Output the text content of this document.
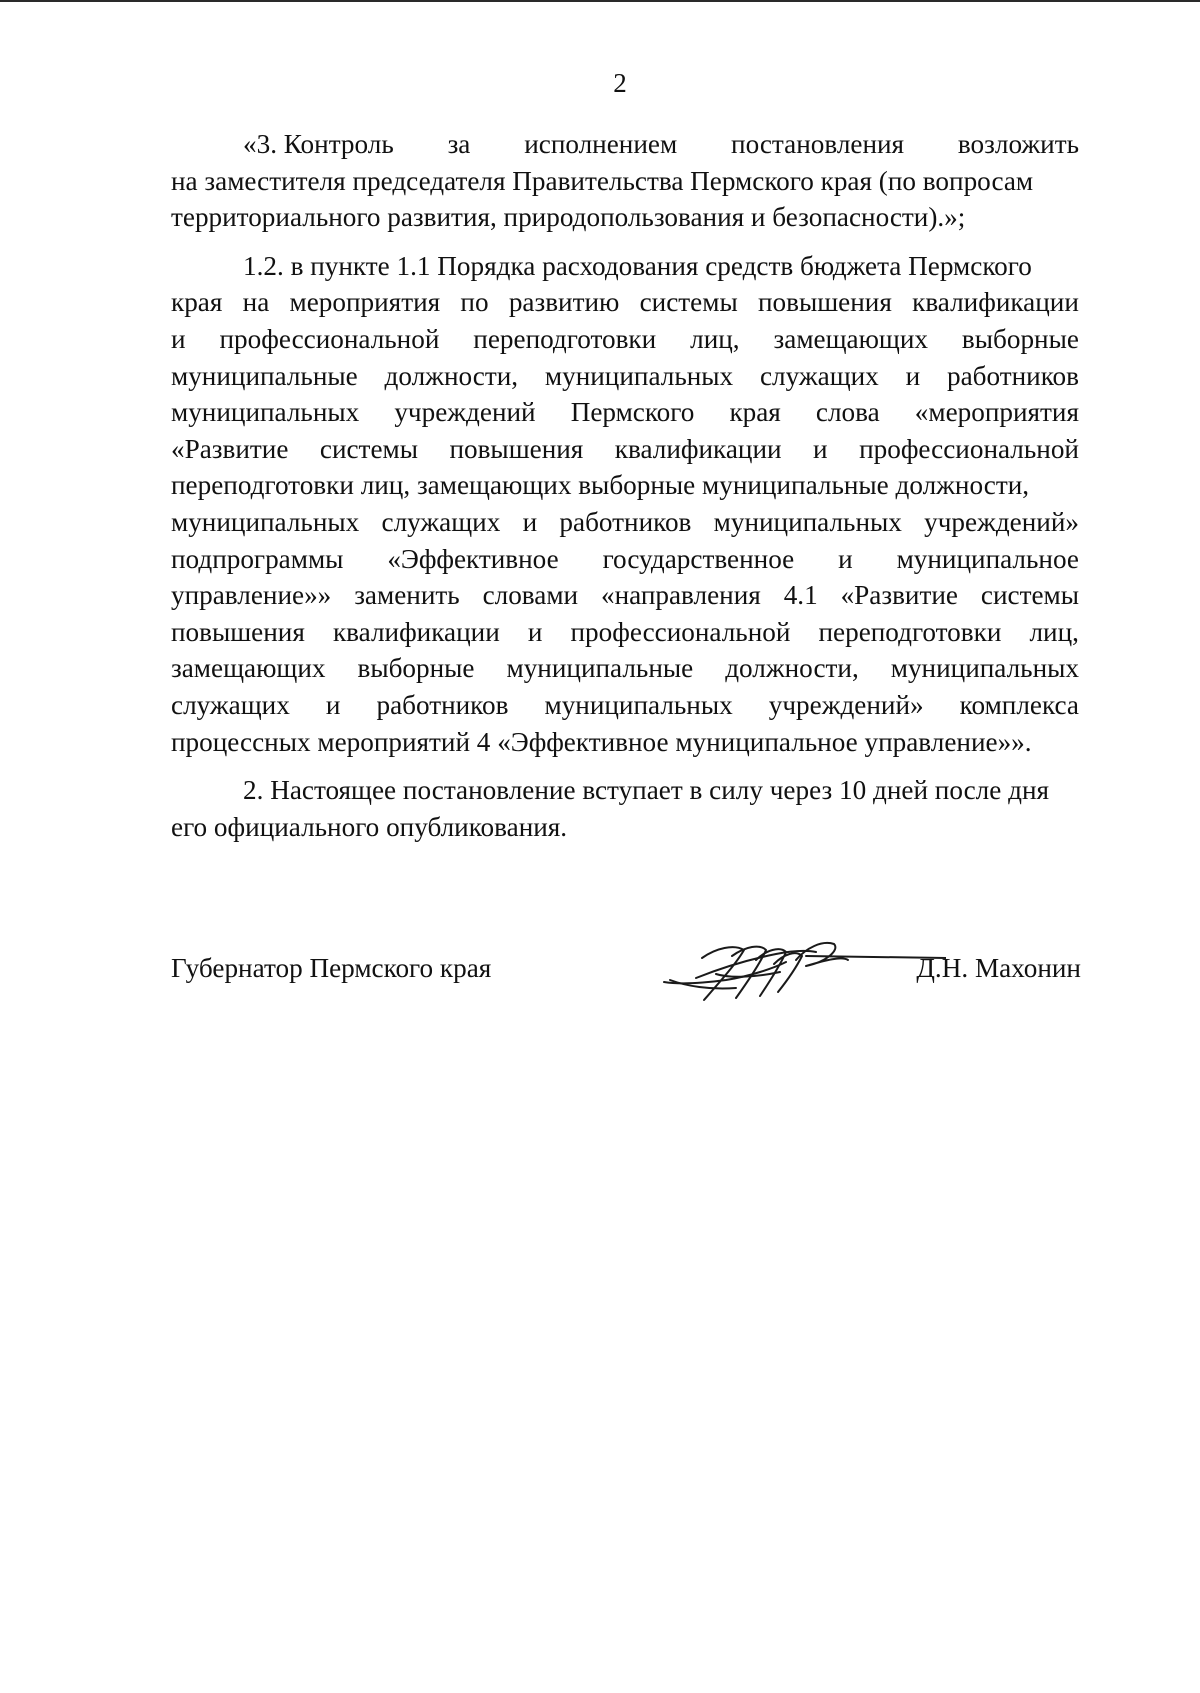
2
«3. Контроль за исполнением постановления возложить
на заместителя председателя Правительства Пермского края (по вопросам
территориального развития, природопользования и безопасности).»;
1.2. в пункте 1.1 Порядка расходования средств бюджета Пермского
края на мероприятия по развитию системы повышения квалификации
и профессиональной переподготовки лиц, замещающих выборные
муниципальные должности, муниципальных служащих и работников
муниципальных учреждений Пермского края слова «мероприятия
«Развитие системы повышения квалификации и профессиональной
переподготовки лиц, замещающих выборные муниципальные должности,
муниципальных служащих и работников муниципальных учреждений»
подпрограммы «Эффективное государственное и муниципальное
управление»» заменить словами «направления 4.1 «Развитие системы
повышения квалификации и профессиональной переподготовки лиц,
замещающих выборные муниципальные должности, муниципальных
служащих и работников муниципальных учреждений» комплекса
процессных мероприятий 4 «Эффективное муниципальное управление»».
2. Настоящее постановление вступает в силу через 10 дней после дня
его официального опубликования.
Губернатор Пермского края	Д.Н. Махонин
